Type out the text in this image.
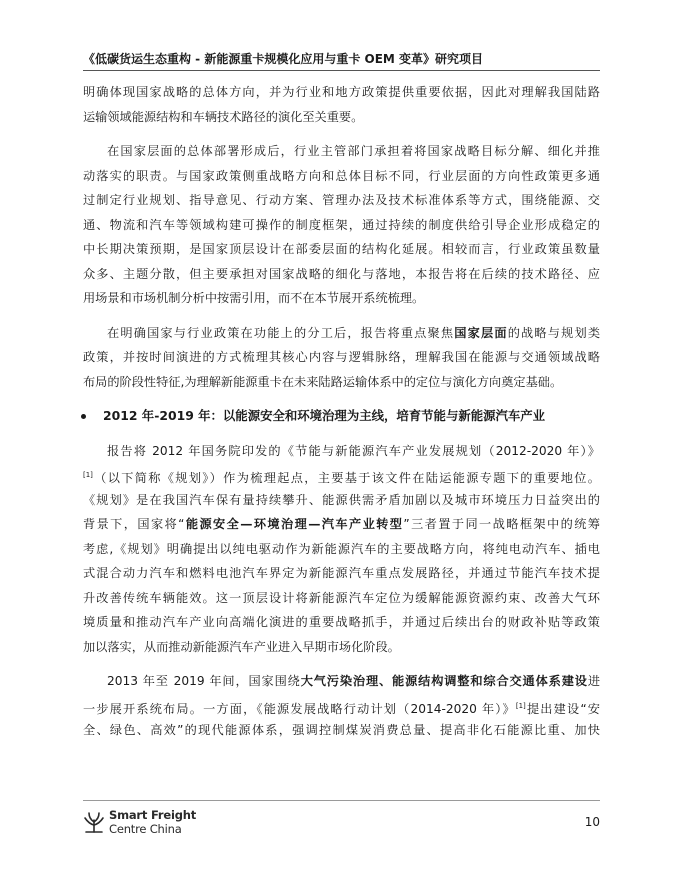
《低碳货运生态重构 - 新能源重卡规模化应用与重卡 OEM 变革》研究项目
明确体现国家战略的总体方向，并为行业和地方政策提供重要依据，因此对理解我国陆路
运输领域能源结构和车辆技术路径的演化至关重要。
在国家层面的总体部署形成后，行业主管部门承担着将国家战略目标分解、细化并推
动落实的职责。与国家政策侧重战略方向和总体目标不同，行业层面的方向性政策更多通
过制定行业规划、指导意见、行动方案、管理办法及技术标准体系等方式，围绕能源、交
通、物流和汽车等领域构建可操作的制度框架，通过持续的制度供给引导企业形成稳定的
中长期决策预期，是国家顶层设计在部委层面的结构化延展。相较而言，行业政策虽数量
众多、主题分散，但主要承担对国家战略的细化与落地，本报告将在后续的技术路径、应
用场景和市场机制分析中按需引用，而不在本节展开系统梳理。
在明确国家与行业政策在功能上的分工后，报告将重点聚焦国家层面的战略与规划类
政策，并按时间演进的方式梳理其核心内容与逻辑脉络，理解我国在能源与交通领域战略
布局的阶段性特征,为理解新能源重卡在未来陆路运输体系中的定位与演化方向奠定基础。
2012 年-2019 年：以能源安全和环境治理为主线，培育节能与新能源汽车产业
报告将 2012 年国务院印发的《节能与新能源汽车产业发展规划（2012-2020 年）》
[1]（以下简称《规划》）作为梳理起点，主要基于该文件在陆运能源专题下的重要地位。
《规划》是在我国汽车保有量持续攀升、能源供需矛盾加剧以及城市环境压力日益突出的
背景下，国家将“能源安全—环境治理—汽车产业转型”三者置于同一战略框架中的统筹
考虑,《规划》明确提出以纯电驱动作为新能源汽车的主要战略方向，将纯电动汽车、插电
式混合动力汽车和燃料电池汽车界定为新能源汽车重点发展路径，并通过节能汽车技术提
升改善传统车辆能效。这一顶层设计将新能源汽车定位为缓解能源资源约束、改善大气环
境质量和推动汽车产业向高端化演进的重要战略抓手，并通过后续出台的财政补贴等政策
加以落实，从而推动新能源汽车产业进入早期市场化阶段。
2013 年至 2019 年间，国家围绕大气污染治理、能源结构调整和综合交通体系建设进
一步展开系统布局。一方面，《能源发展战略行动计划（2014-2020 年）》[1]提出建设“安
全、绿色、高效”的现代能源体系，强调控制煤炭消费总量、提高非化石能源比重、加快
Smart Freight
Centre China	10
